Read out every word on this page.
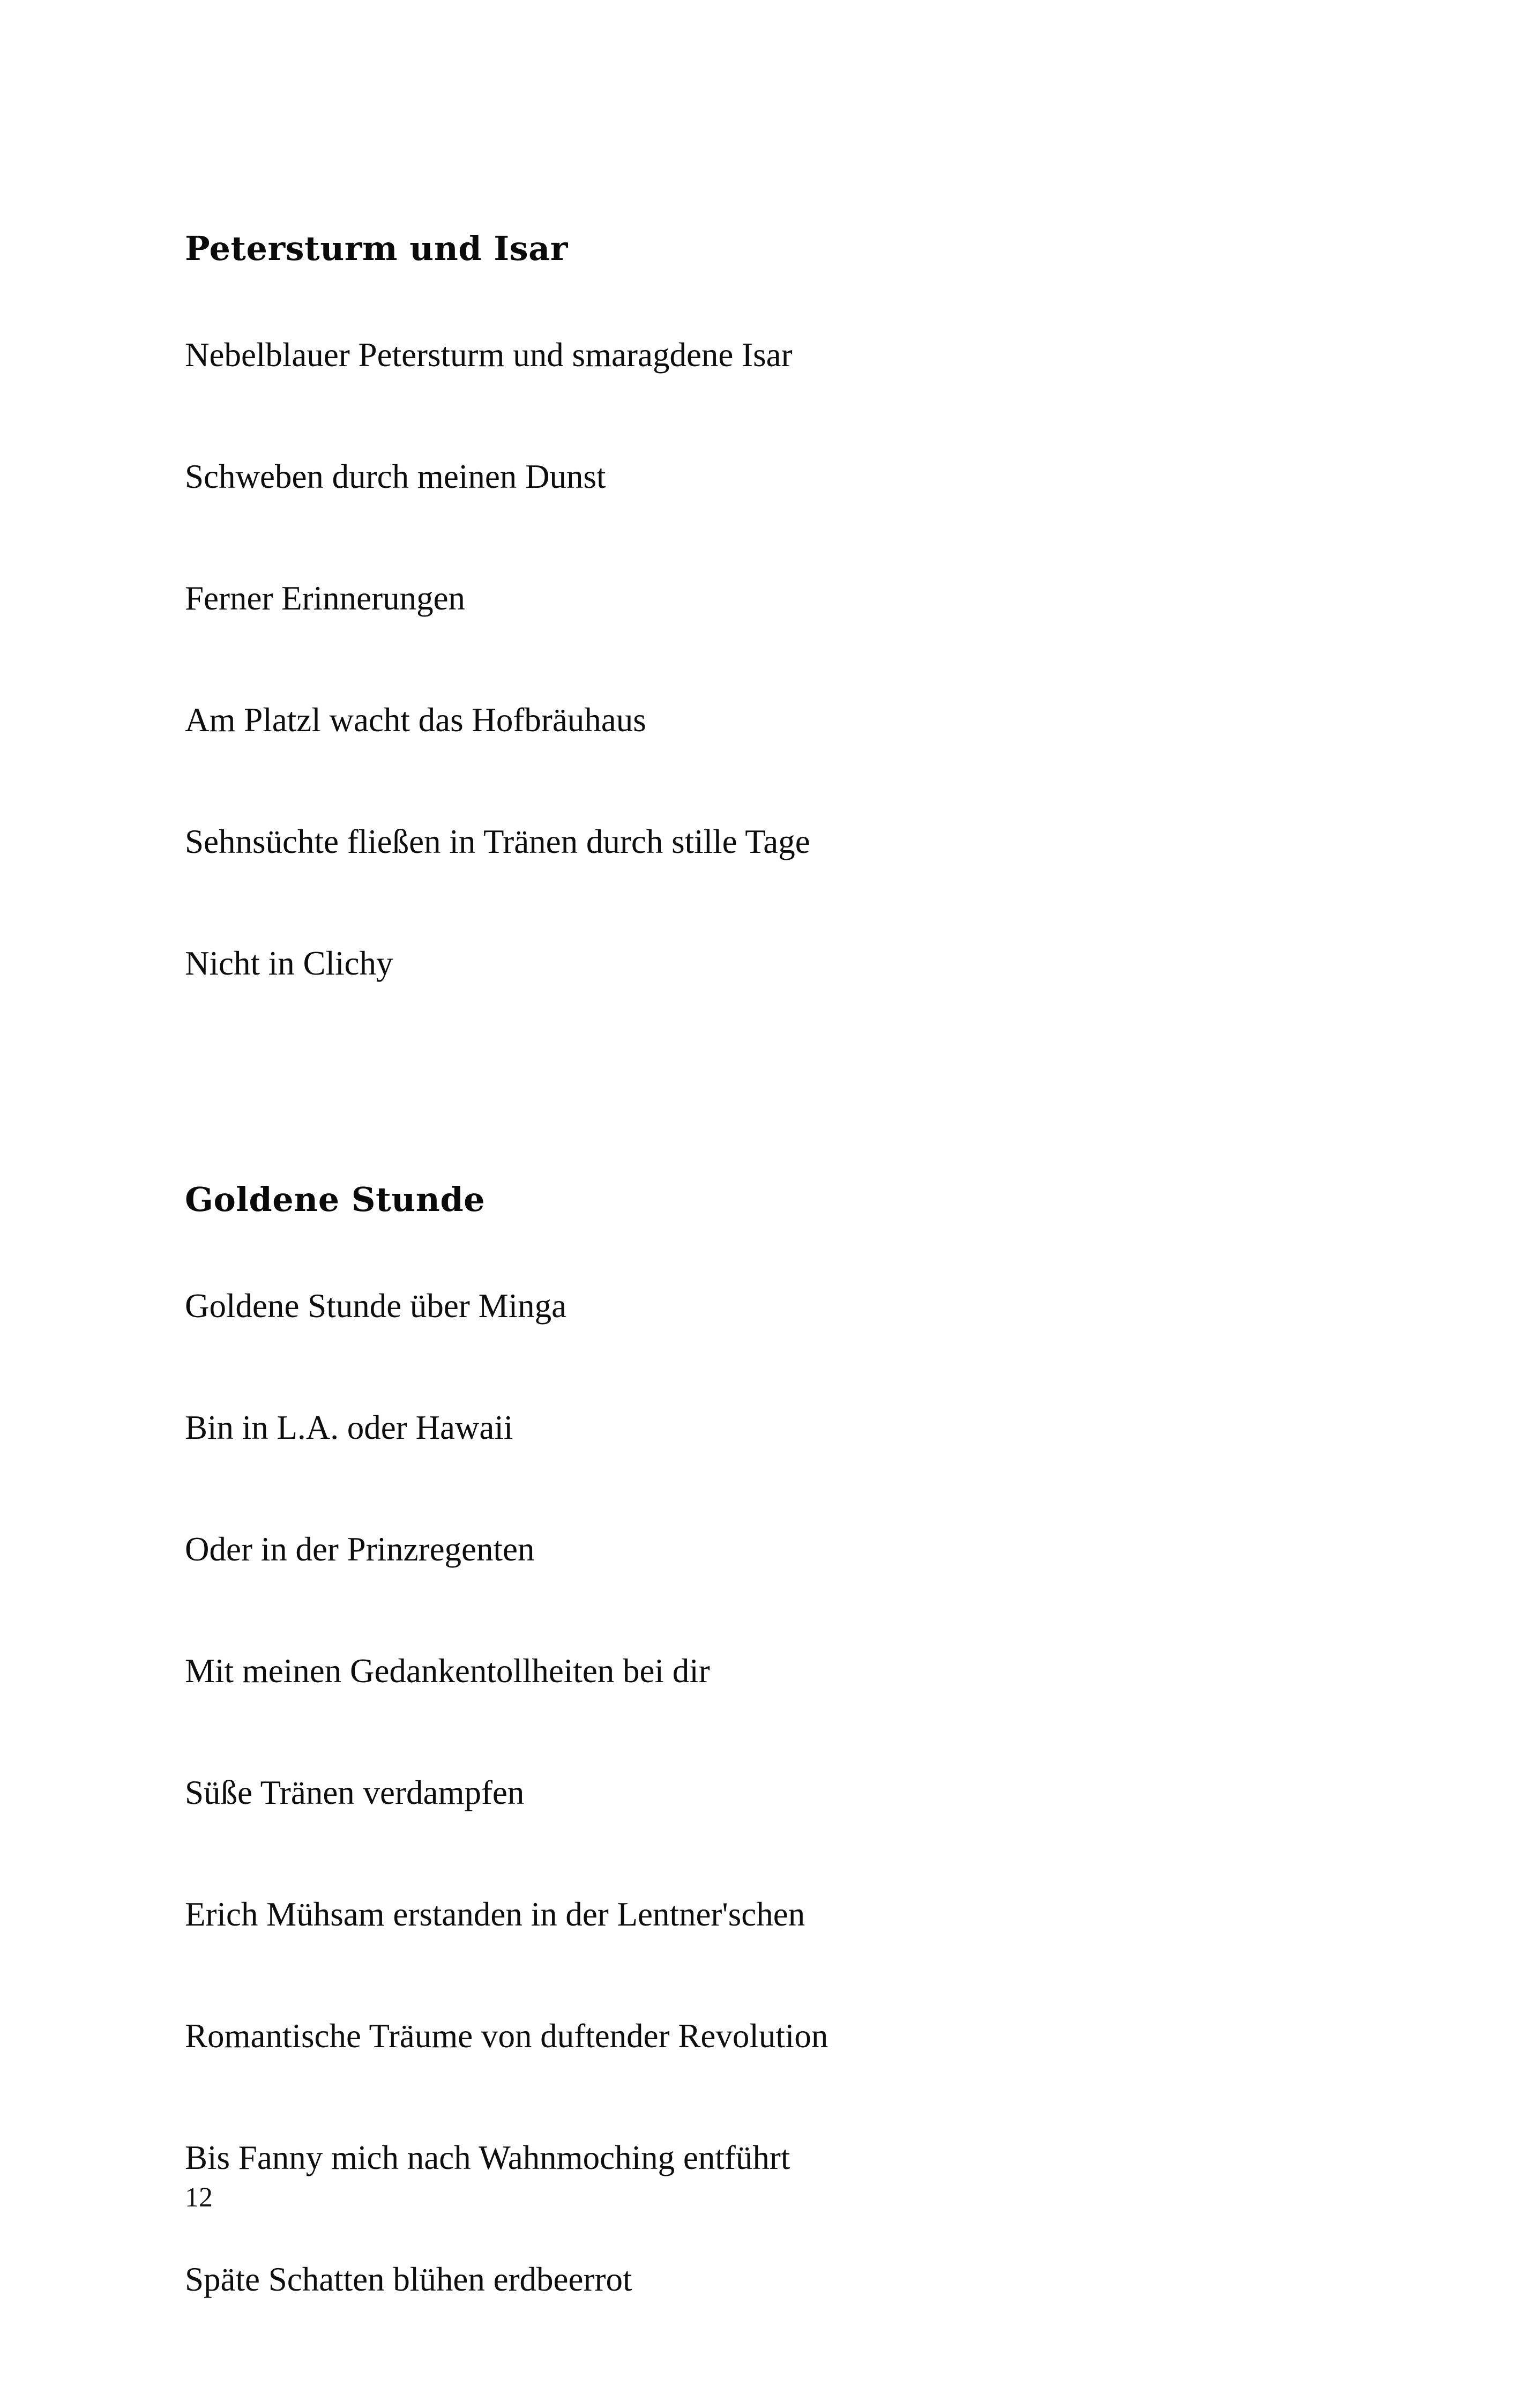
Petersturm und Isar

Nebelblauer Petersturm und smaragdene Isar

Schweben durch meinen Dunst

Ferner Erinnerungen

Am Platzl wacht das Hofbräuhaus

Sehnsüchte fließen in Tränen durch stille Tage

Nicht in Clichy

Goldene Stunde

Goldene Stunde über Minga

Bin in L.A. oder Hawaii

Oder in der Prinzregenten

Mit meinen Gedankentollheiten bei dir

Süße Tränen verdampfen

Erich Mühsam erstanden in der Lentner'schen

Romantische Träume von duftender Revolution

Bis Fanny mich nach Wahnmoching entführt

Späte Schatten blühen erdbeerrot

12
